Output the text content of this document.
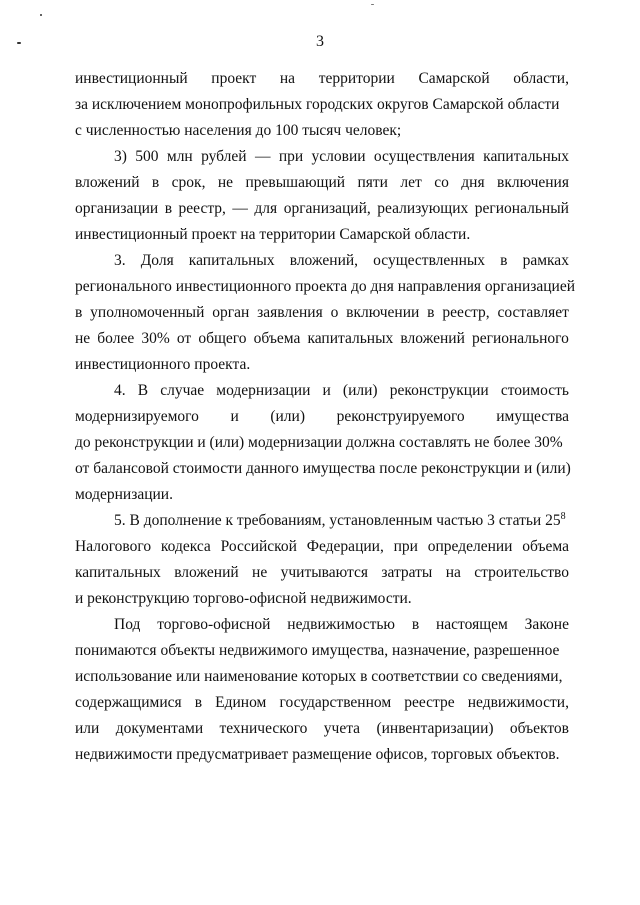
3
инвестиционный проект на территории Самарской области,
за исключением монопрофильных городских округов Самарской области
с численностью населения до 100 тысяч человек;
3) 500 млн рублей — при условии осуществления капитальных
вложений в срок, не превышающий пяти лет со дня включения
организации в реестр, — для организаций, реализующих региональный
инвестиционный проект на территории Самарской области.
3. Доля капитальных вложений, осуществленных в рамках
регионального инвестиционного проекта до дня направления организацией
в уполномоченный орган заявления о включении в реестр, составляет
не более 30% от общего объема капитальных вложений регионального
инвестиционного проекта.
4. В случае модернизации и (или) реконструкции стоимость
модернизируемого и (или) реконструируемого имущества
до реконструкции и (или) модернизации должна составлять не более 30%
от балансовой стоимости данного имущества после реконструкции и (или)
модернизации.
5. В дополнение к требованиям, установленным частью 3 статьи $25^8$
Налогового кодекса Российской Федерации, при определении объема
капитальных вложений не учитываются затраты на строительство
и реконструкцию торгово-офисной недвижимости.
Под торгово-офисной недвижимостью в настоящем Законе
понимаются объекты недвижимого имущества, назначение, разрешенное
использование или наименование которых в соответствии со сведениями,
содержащимися в Едином государственном реестре недвижимости,
или документами технического учета (инвентаризации) объектов
недвижимости предусматривает размещение офисов, торговых объектов.
